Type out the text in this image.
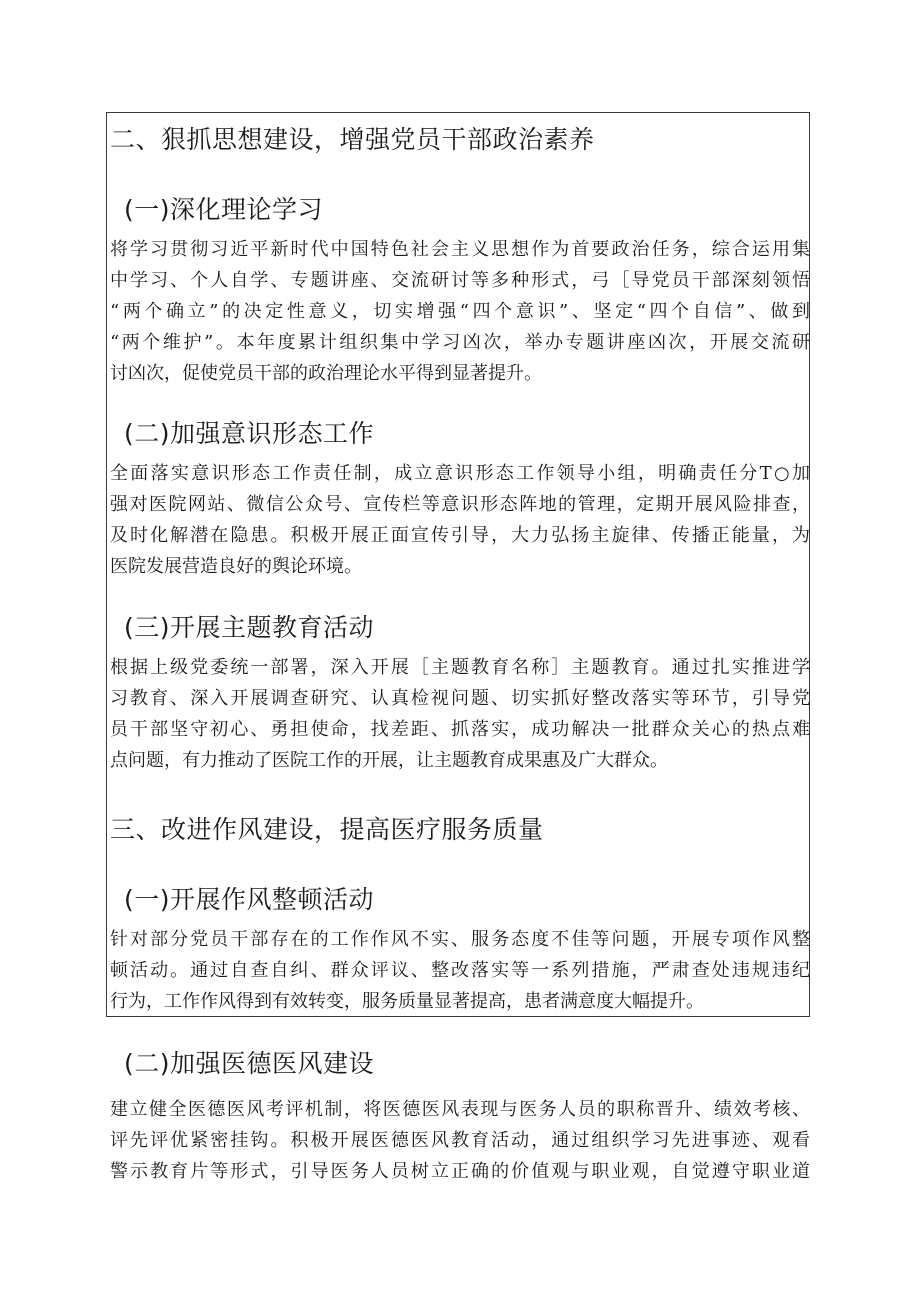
二、狠抓思想建设，增强党员干部政治素养
(一)深化理论学习
将学习贯彻习近平新时代中国特色社会主义思想作为首要政治任务，综合运用集
中学习、个人自学、专题讲座、交流研讨等多种形式，弓［导党员干部深刻领悟
“两个确立”的决定性意义，切实增强“四个意识”、坚定“四个自信”、做到
“两个维护”。本年度累计组织集中学习凶次，举办专题讲座凶次，开展交流研
讨凶次，促使党员干部的政治理论水平得到显著提升。
(二)加强意识形态工作
全面落实意识形态工作责任制，成立意识形态工作领导小组，明确责任分T○加
强对医院网站、微信公众号、宣传栏等意识形态阵地的管理，定期开展风险排查，
及时化解潜在隐患。积极开展正面宣传引导，大力弘扬主旋律、传播正能量，为
医院发展营造良好的舆论环境。
(三)开展主题教育活动
根据上级党委统一部署，深入开展［主题教育名称］主题教育。通过扎实推进学
习教育、深入开展调查研究、认真检视问题、切实抓好整改落实等环节，引导党
员干部坚守初心、勇担使命，找差距、抓落实，成功解决一批群众关心的热点难
点问题，有力推动了医院工作的开展，让主题教育成果惠及广大群众。
三、改进作风建设，提高医疗服务质量
(一)开展作风整顿活动
针对部分党员干部存在的工作作风不实、服务态度不佳等问题，开展专项作风整
顿活动。通过自查自纠、群众评议、整改落实等一系列措施，严肃查处违规违纪
行为，工作作风得到有效转变，服务质量显著提高，患者满意度大幅提升。
(二)加强医德医风建设
建立健全医德医风考评机制，将医德医风表现与医务人员的职称晋升、绩效考核、
评先评优紧密挂钩。积极开展医德医风教育活动，通过组织学习先进事迹、观看
警示教育片等形式，引导医务人员树立正确的价值观与职业观，自觉遵守职业道
